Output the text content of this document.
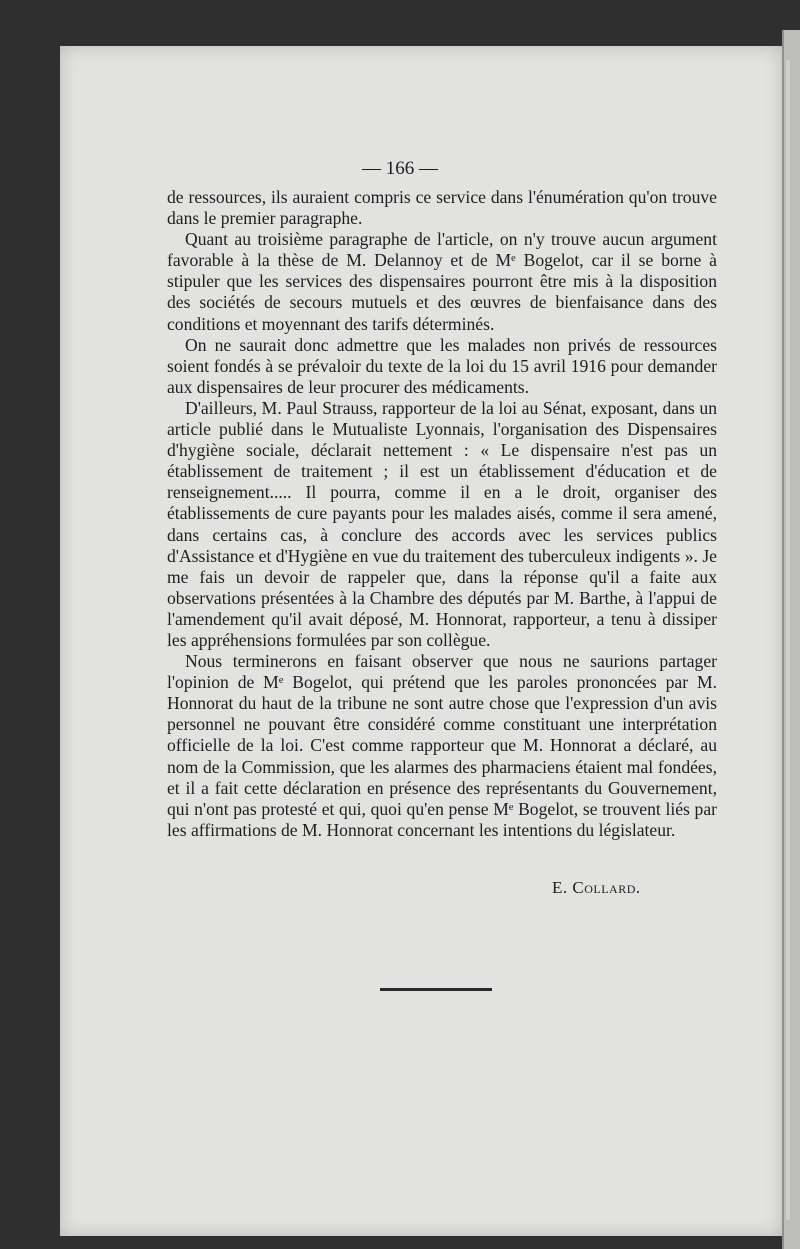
— 166 —

de ressources, ils auraient compris ce service dans l'énumération qu'on trouve dans le premier paragraphe.

Quant au troisième paragraphe de l'article, on n'y trouve aucun argument favorable à la thèse de M. Delannoy et de Mᵉ Bogelot, car il se borne à stipuler que les services des dispensaires pourront être mis à la disposition des sociétés de secours mutuels et des œuvres de bienfaisance dans des conditions et moyennant des tarifs déterminés.

On ne saurait donc admettre que les malades non privés de ressources soient fondés à se prévaloir du texte de la loi du 15 avril 1916 pour demander aux dispensaires de leur procurer des médicaments.

D'ailleurs, M. Paul Strauss, rapporteur de la loi au Sénat, exposant, dans un article publié dans le Mutualiste Lyonnais, l'organisation des Dispensaires d'hygiène sociale, déclarait nettement : « Le dispensaire n'est pas un établissement de traitement ; il est un établissement d'éducation et de renseignement..... Il pourra, comme il en a le droit, organiser des établissements de cure payants pour les malades aisés, comme il sera amené, dans certains cas, à conclure des accords avec les services publics d'Assistance et d'Hygiène en vue du traitement des tuberculeux indigents ». Je me fais un devoir de rappeler que, dans la réponse qu'il a faite aux observations présentées à la Chambre des députés par M. Barthe, à l'appui de l'amendement qu'il avait déposé, M. Honnorat, rapporteur, a tenu à dissiper les appréhensions formulées par son collègue.

Nous terminerons en faisant observer que nous ne saurions partager l'opinion de Mᵉ Bogelot, qui prétend que les paroles prononcées par M. Honnorat du haut de la tribune ne sont autre chose que l'expression d'un avis personnel ne pouvant être considéré comme constituant une interprétation officielle de la loi. C'est comme rapporteur que M. Honnorat a déclaré, au nom de la Commission, que les alarmes des pharmaciens étaient mal fondées, et il a fait cette déclaration en présence des représentants du Gouvernement, qui n'ont pas protesté et qui, quoi qu'en pense Mᵉ Bogelot, se trouvent liés par les affirmations de M. Honnorat concernant les intentions du législateur.

E. Collard.
